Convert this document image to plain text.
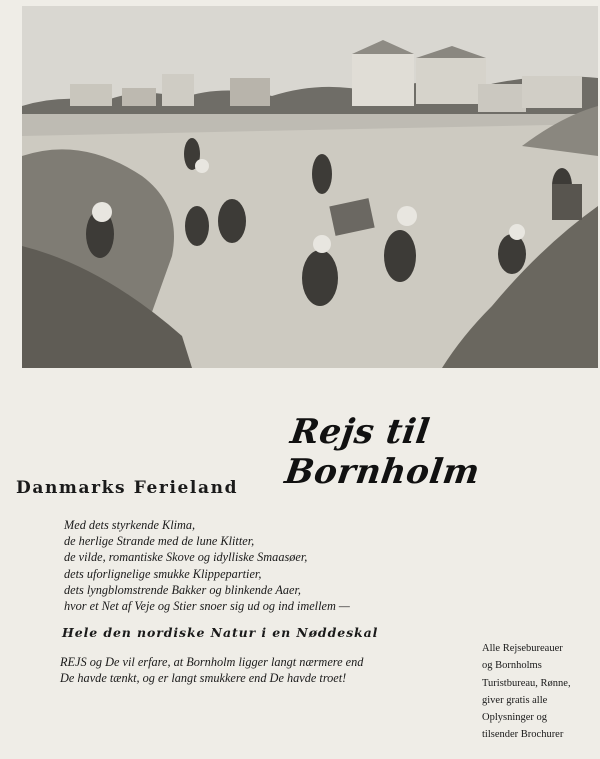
Rejs til Bornholm
Danmarks Ferieland
Med dets styrkende Klima,
de herlige Strande med de lune Klitter,
de vilde, romantiske Skove og idylliske Smaasøer,
dets uforlignelige smukke Klippepartier,
dets lyngblomstrende Bakker og blinkende Aaer,
hvor et Net af Veje og Stier snoer sig ud og ind imellem —
Hele den nordiske Natur i en Nøddeskal
REJS og De vil erfare, at Bornholm ligger langt nærmere end
De havde tænkt, og er langt smukkere end De havde troet!
Alle Rejsebureauer
og Bornholms
Turistbureau, Rønne,
giver gratis alle
Oplysninger og
tilsender Brochurer
